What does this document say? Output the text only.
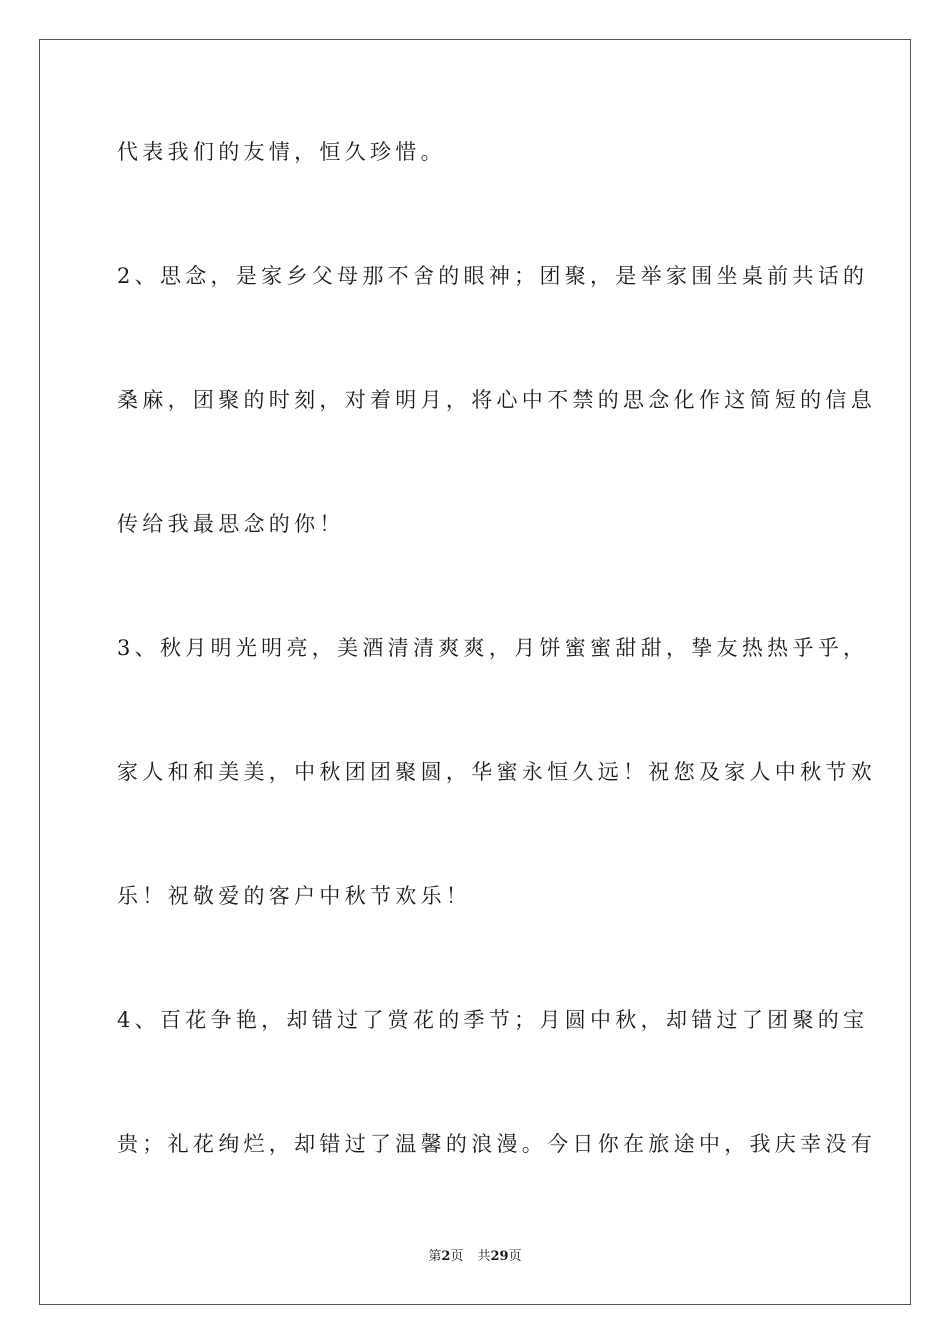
代表我们的友情，恒久珍惜。
2、思念，是家乡父母那不舍的眼神；团聚，是举家围坐桌前共话的
桑麻，团聚的时刻，对着明月，将心中不禁的思念化作这简短的信息
传给我最思念的你！
3、秋月明光明亮，美酒清清爽爽，月饼蜜蜜甜甜，挚友热热乎乎，
家人和和美美，中秋团团聚圆，华蜜永恒久远！祝您及家人中秋节欢
乐！祝敬爱的客户中秋节欢乐！
4、百花争艳，却错过了赏花的季节；月圆中秋，却错过了团聚的宝
贵；礼花绚烂，却错过了温馨的浪漫。今日你在旅途中，我庆幸没有
第2页 共29页
